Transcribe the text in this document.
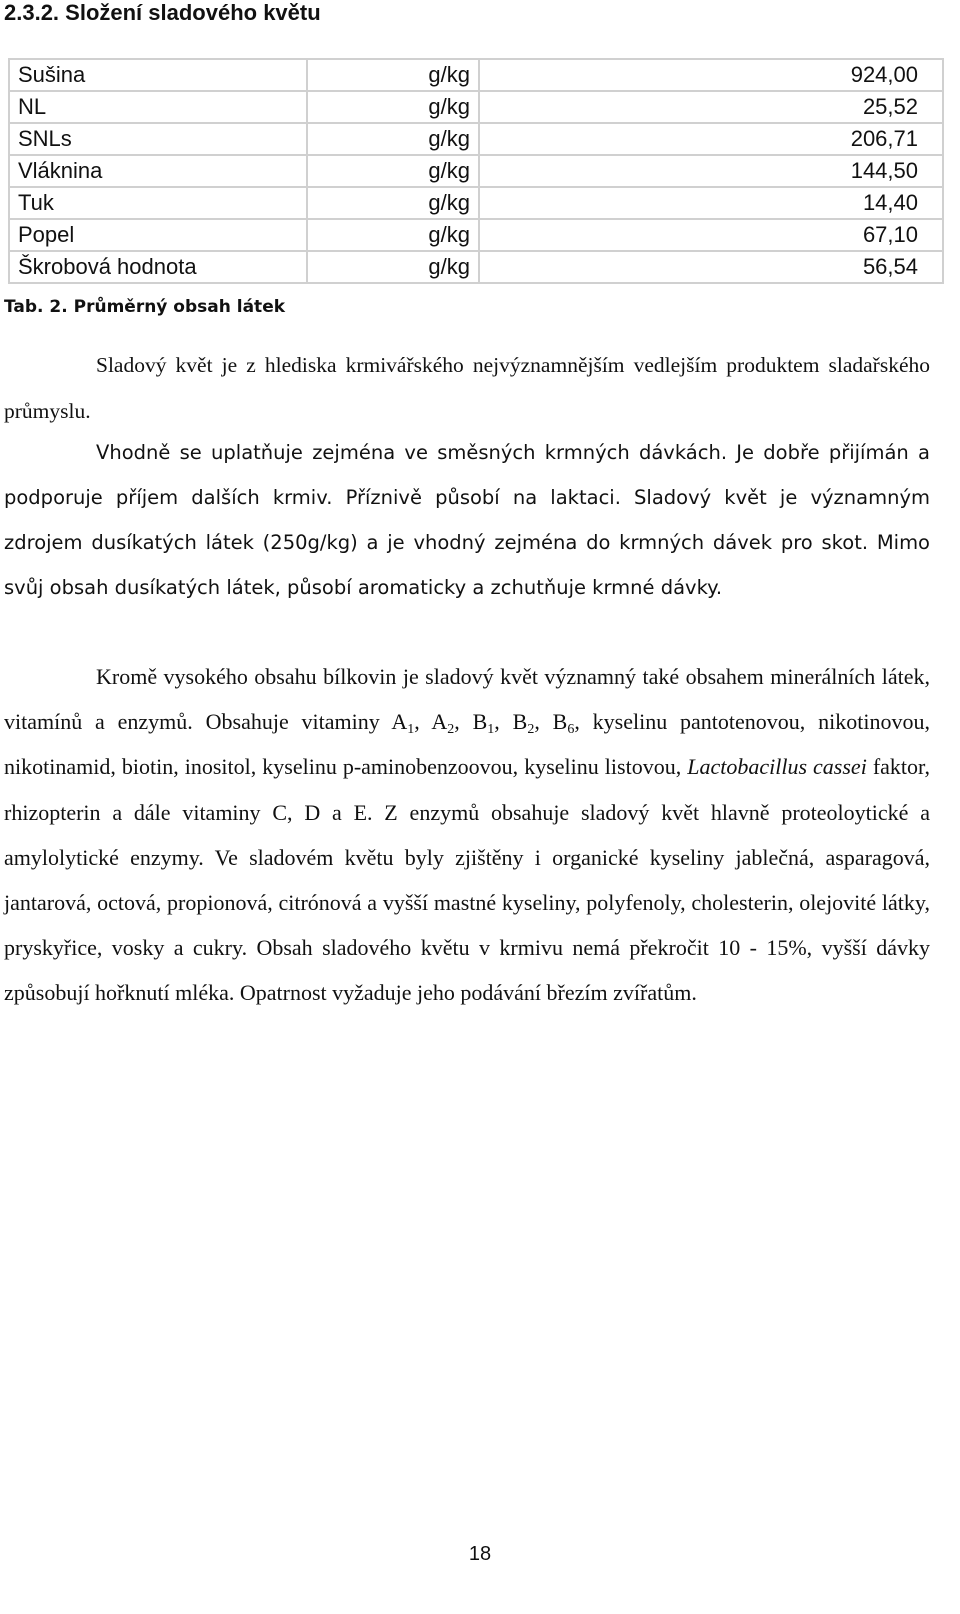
2.3.2. Složení sladového květu
Sušina	g/kg	924,00
NL	g/kg	25,52
SNLs	g/kg	206,71
Vláknina	g/kg	144,50
Tuk	g/kg	14,40
Popel	g/kg	67,10
Škrobová hodnota	g/kg	56,54
Tab. 2. Průměrný obsah látek

Sladový květ je z hlediska krmivářského nejvýznamnějším vedlejším produktem sladařského průmyslu.

Vhodně se uplatňuje zejména ve směsných krmných dávkách. Je dobře přijímán a podporuje příjem dalších krmiv. Příznivě působí na laktaci. Sladový květ je významným zdrojem dusíkatých látek (250g/kg) a je vhodný zejména do krmných dávek pro skot. Mimo svůj obsah dusíkatých látek, působí aromaticky a zchutňuje krmné dávky.

Kromě vysokého obsahu bílkovin je sladový květ významný také obsahem minerálních látek, vitamínů a enzymů. Obsahuje vitaminy $A_1$, $A_2$, $B_1$, $B_2$, $B_6$, kyselinu pantotenovou, nikotinovou, nikotinamid, biotin, inositol, kyselinu p-aminobenzoovou, kyselinu listovou, Lactobacillus cassei faktor, rhizopterin a dále vitaminy C, D a E. Z enzymů obsahuje sladový květ hlavně proteoloytické a amylolytické enzymy. Ve sladovém květu byly zjištěny i organické kyseliny jablečná, asparagová, jantarová, octová, propionová, citrónová a vyšší mastné kyseliny, polyfenoly, cholesterin, olejovité látky, pryskyřice, vosky a cukry. Obsah sladového květu v krmivu nemá překročit 10 - 15%, vyšší dávky způsobují hořknutí mléka. Opatrnost vyžaduje jeho podávání březím zvířatům.

18
